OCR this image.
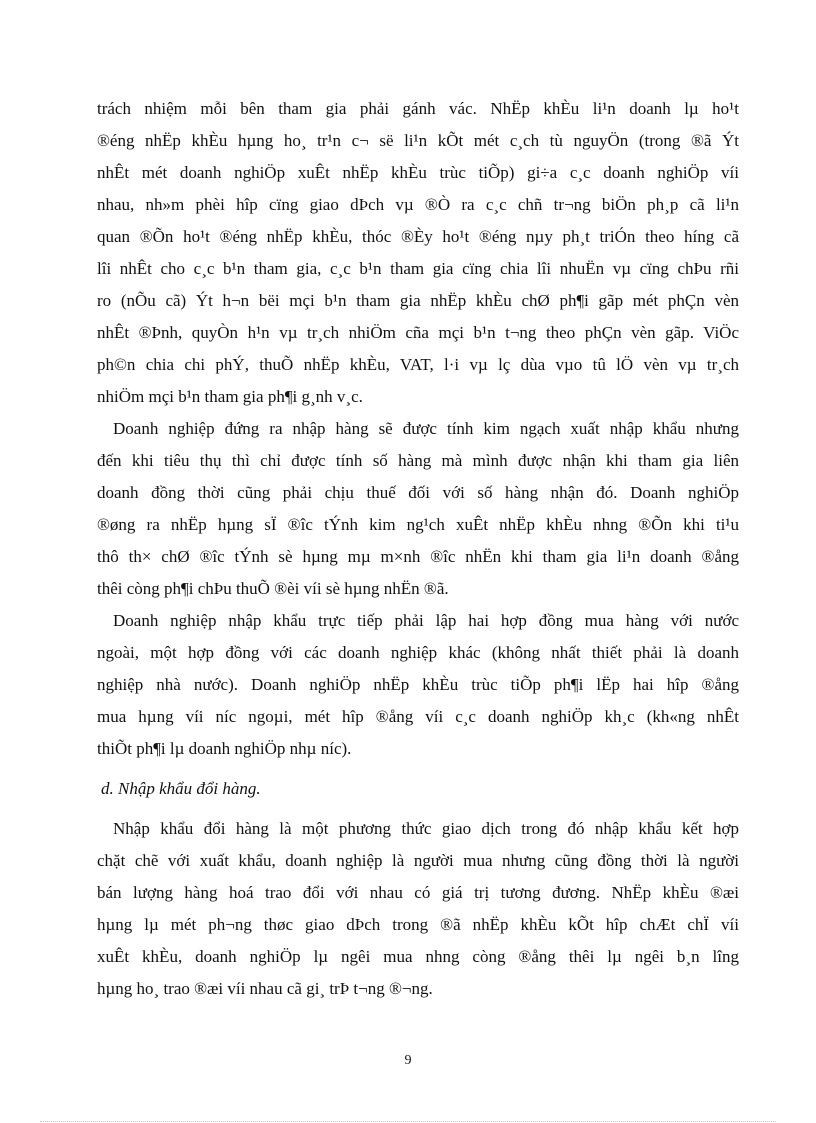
trách nhiệm mỗi bên tham gia phải gánh vác. NhËp khÈu li¹n doanh lµ ho¹t
®éng nhËp khÈu hµng ho¸ tr¹n c¬ së li¹n kÕt mét c¸ch tù nguyÖn (trong ®ã Ýt
nhÊt mét doanh nghiÖp xuÊt nhËp khÈu trùc tiÕp) gi÷a c¸c doanh nghiÖp víi
nhau, nh»m phèi hîp cïng giao dÞch vµ ®Ò ra c¸c chñ tr¬ng biÖn ph¸p cã li¹n
quan ®Õn ho¹t ®éng nhËp khÈu, thóc ®Èy ho¹t ®éng nµy ph¸t triÓn theo híng cã
lîi nhÊt cho c¸c b¹n tham gia, c¸c b¹n tham gia cïng chia lîi nhuËn vµ cïng chÞu rñi
ro (nÕu cã) Ýt h¬n bëi mçi b¹n tham gia nhËp khÈu chØ ph¶i gãp mét phÇn vèn
nhÊt ®Þnh, quyÒn h¹n vµ tr¸ch nhiÖm cña mçi b¹n t¬ng theo phÇn vèn gãp. ViÖc
ph©n chia chi phÝ, thuÕ nhËp khÈu, VAT, l·i vµ lç dùa vµo tû lÖ vèn vµ tr¸ch
nhiÖm mçi b¹n tham gia ph¶i g¸nh v¸c.
Doanh nghiệp đứng ra nhập hàng sẽ được tính kim ngạch xuất nhập khẩu nhưng
đến khi tiêu thụ thì chỉ được tính số hàng mà mình được nhận khi tham gia liên
doanh đồng thời cũng phải chịu thuế đối với số hàng nhận đó. Doanh nghiÖp
®øng ra nhËp hµng sÏ ®îc tÝnh kim ng¹ch xuÊt nhËp khÈu nhng ®Õn khi ti¹u
thô th× chØ ®îc tÝnh sè hµng mµ m×nh ®îc nhËn khi tham gia li¹n doanh ®ång
thêi còng ph¶i chÞu thuÕ ®èi víi sè hµng nhËn ®ã.
Doanh nghiệp nhập khẩu trực tiếp phải lập hai hợp đồng mua hàng với nước
ngoài, một hợp đồng với các doanh nghiệp khác (không nhất thiết phải là doanh
nghiệp nhà nước). Doanh nghiÖp nhËp khÈu trùc tiÕp ph¶i lËp hai hîp ®ång
mua hµng víi níc ngoµi, mét hîp ®ång víi c¸c doanh nghiÖp kh¸c (kh«ng nhÊt
thiÕt ph¶i lµ doanh nghiÖp nhµ níc).
d. Nhập khẩu đổi hàng.
Nhập khẩu đổi hàng là một phương thức giao dịch trong đó nhập khẩu kết hợp
chặt chẽ với xuất khẩu, doanh nghiệp là người mua nhưng cũng đồng thời là người
bán lượng hàng hoá trao đổi với nhau có giá trị tương đương. NhËp khÈu ®æi
hµng lµ mét ph¬ng thøc giao dÞch trong ®ã nhËp khÈu kÕt hîp chÆt chÏ víi
xuÊt khÈu, doanh nghiÖp lµ ngêi mua nhng còng ®ång thêi lµ ngêi b¸n lîng
hµng ho¸ trao ®æi víi nhau cã gi¸ trÞ t¬ng ®¬ng.
9
